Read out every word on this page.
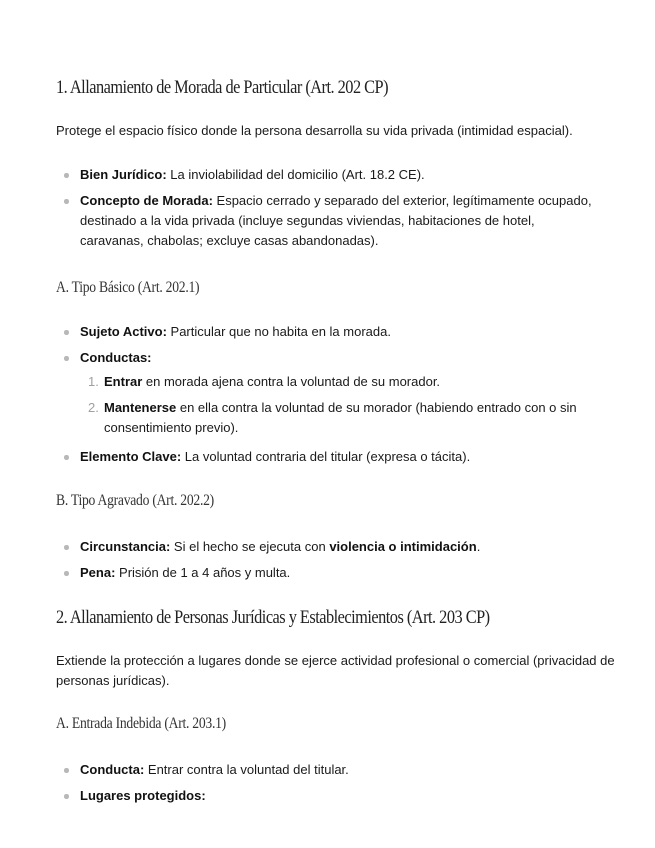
1. Allanamiento de Morada de Particular (Art. 202 CP)
Protege el espacio físico donde la persona desarrolla su vida privada (intimidad espacial).
Bien Jurídico: La inviolabilidad del domicilio (Art. 18.2 CE).
Concepto de Morada: Espacio cerrado y separado del exterior, legítimamente ocupado, destinado a la vida privada (incluye segundas viviendas, habitaciones de hotel, caravanas, chabolas; excluye casas abandonadas).
A. Tipo Básico (Art. 202.1)
Sujeto Activo: Particular que no habita en la morada.
Conductas:
1. Entrar en morada ajena contra la voluntad de su morador.
2. Mantenerse en ella contra la voluntad de su morador (habiendo entrado con o sin consentimiento previo).
Elemento Clave: La voluntad contraria del titular (expresa o tácita).
B. Tipo Agravado (Art. 202.2)
Circunstancia: Si el hecho se ejecuta con violencia o intimidación.
Pena: Prisión de 1 a 4 años y multa.
2. Allanamiento de Personas Jurídicas y Establecimientos (Art. 203 CP)
Extiende la protección a lugares donde se ejerce actividad profesional o comercial (privacidad de personas jurídicas).
A. Entrada Indebida (Art. 203.1)
Conducta: Entrar contra la voluntad del titular.
Lugares protegidos:
